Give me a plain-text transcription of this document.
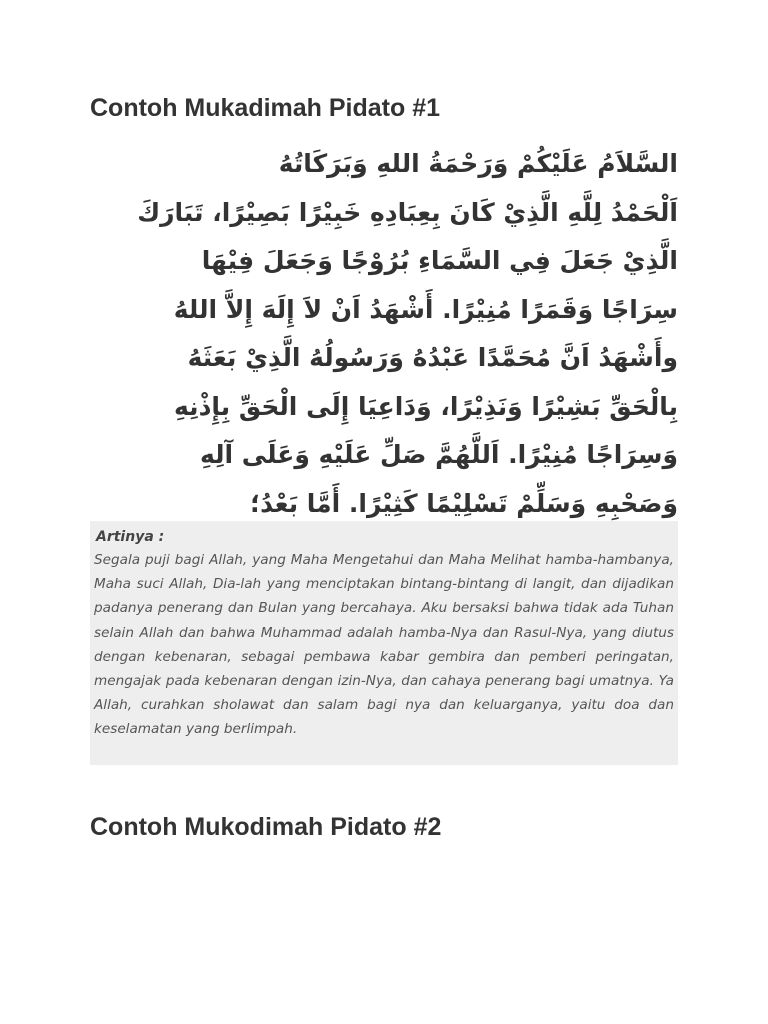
Contoh Mukadimah Pidato #1
السَّلاَمُ عَلَيْكُمْ وَرَحْمَةُ اللهِ وَبَرَكَاتُهُ
اَلْحَمْدُ لِلَّهِ الَّذِيْ كَانَ بِعِبَادِهِ خَبِيْرًا بَصِيْرًا، تَبَارَكَ
الَّذِيْ جَعَلَ فِي السَّمَاءِ بُرُوْجًا وَجَعَلَ فِيْهَا
سِرَاجًا وَقَمَرًا مُنِيْرًا. أَشْهَدُ اَنْ لاَ إِلَهَ إِلاَّ اللهُ
وأَشْهَدُ اَنَّ مُحَمَّدًا عَبْدُهُ وَرَسُولُهُ الَّذِيْ بَعَثَهُ
بِالْحَقِّ بَشِيْرًا وَنَذِيْرًا، وَدَاعِيَا إِلَى الْحَقِّ بِإِذْنِهِ
وَسِرَاجًا مُنِيْرًا. اَللَّهُمَّ صَلِّ عَلَيْهِ وَعَلَى آلِهِ
وَصَحْبِهِ وَسَلِّمْ تَسْلِيْمًا كَثِيْرًا. أَمَّا بَعْدُ؛
Artinya :

Segala puji bagi Allah, yang Maha Mengetahui dan Maha Melihat hamba-hambanya, Maha suci Allah, Dia-lah yang menciptakan bintang-bintang di langit, dan dijadikan padanya penerang dan Bulan yang bercahaya. Aku bersaksi bahwa tidak ada Tuhan selain Allah dan bahwa Muhammad adalah hamba-Nya dan Rasul-Nya, yang diutus dengan kebenaran, sebagai pembawa kabar gembira dan pemberi peringatan, mengajak pada kebenaran dengan izin-Nya, dan cahaya penerang bagi umatnya. Ya Allah, curahkan sholawat dan salam bagi nya dan keluarganya, yaitu doa dan keselamatan yang berlimpah.

Contoh Mukodimah Pidato #2
